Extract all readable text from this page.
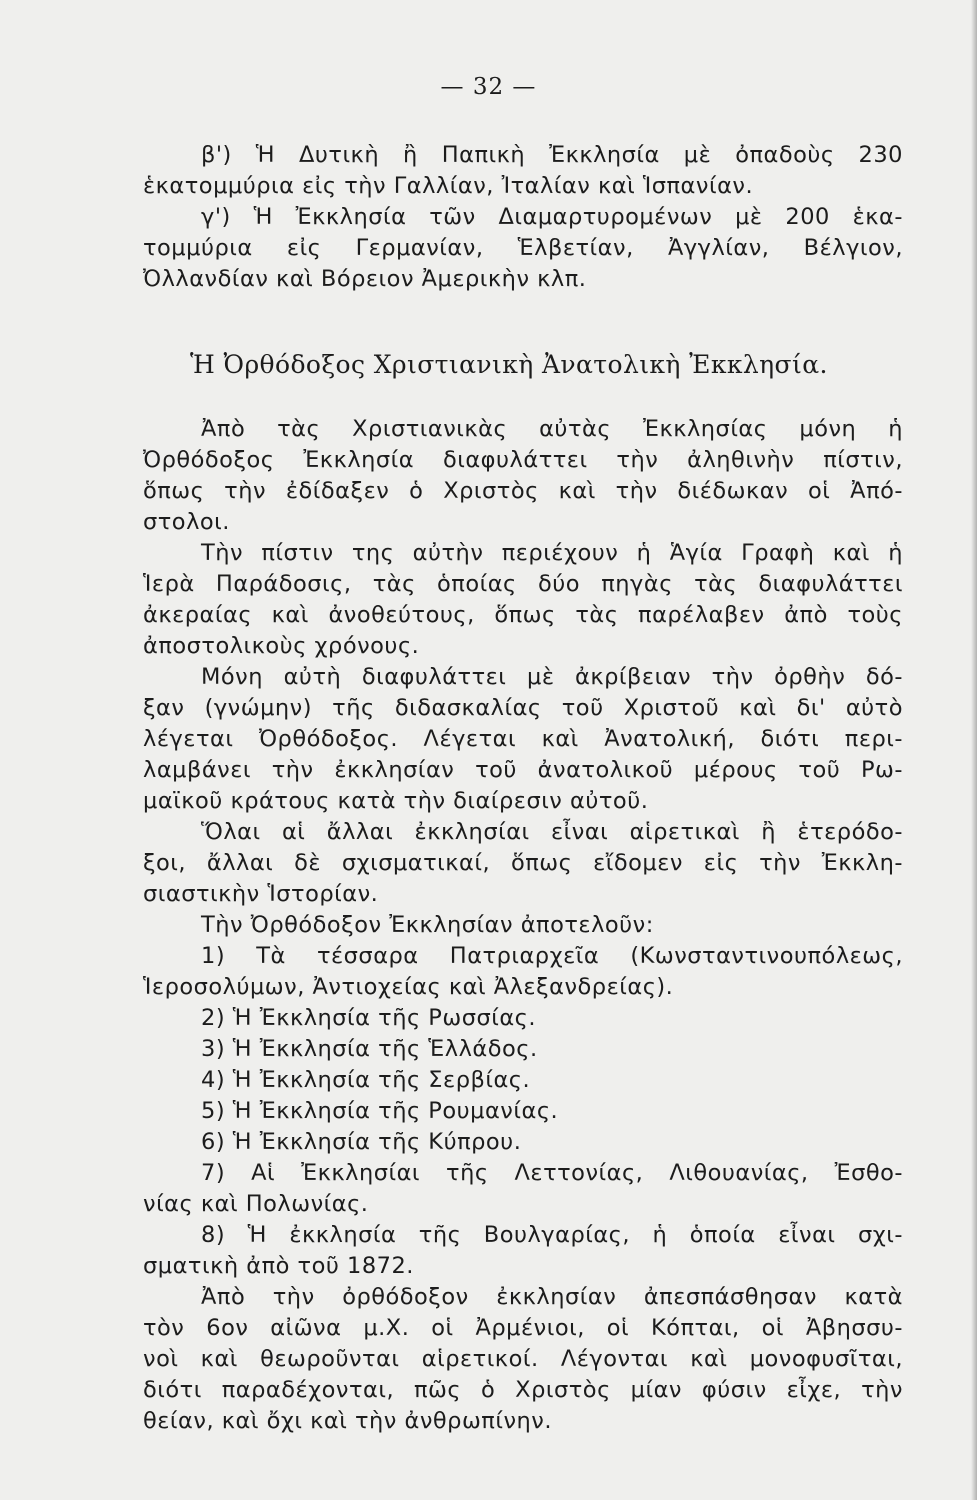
— 32 —
β') Ἡ Δυτικὴ ἢ Παπικὴ Ἐκκλησία μὲ ὀπαδοὺς 230
ἑκατομμύρια εἰς τὴν Γαλλίαν, Ἰταλίαν καὶ Ἱσπανίαν.
γ') Ἡ Ἐκκλησία τῶν Διαμαρτυρομένων μὲ 200 ἑκα-
τομμύρια εἰς Γερμανίαν, Ἑλβετίαν, Ἀγγλίαν, Βέλγιον,
Ὀλλανδίαν καὶ Βόρειον Ἀμερικὴν κλπ.
Ἡ Ὀρθόδοξος Χριστιανικὴ Ἀνατολικὴ Ἐκκλησία.
Ἀπὸ τὰς Χριστιανικὰς αὐτὰς Ἐκκλησίας μόνη ἡ
Ὀρθόδοξος Ἐκκλησία διαφυλάττει τὴν ἀληθινὴν πίστιν,
ὅπως τὴν ἐδίδαξεν ὁ Χριστὸς καὶ τὴν διέδωκαν οἱ Ἀπό-
στολοι.
Τὴν πίστιν της αὐτὴν περιέχουν ἡ Ἁγία Γραφὴ καὶ ἡ
Ἱερὰ Παράδοσις, τὰς ὁποίας δύο πηγὰς τὰς διαφυλάττει
ἀκεραίας καὶ ἀνοθεύτους, ὅπως τὰς παρέλαβεν ἀπὸ τοὺς
ἀποστολικοὺς χρόνους.
Μόνη αὐτὴ διαφυλάττει μὲ ἀκρίβειαν τὴν ὀρθὴν δό-
ξαν (γνώμην) τῆς διδασκαλίας τοῦ Χριστοῦ καὶ δι' αὐτὸ
λέγεται Ὀρθόδοξος. Λέγεται καὶ Ἀνατολική, διότι περι-
λαμβάνει τὴν ἐκκλησίαν τοῦ ἀνατολικοῦ μέρους τοῦ Ρω-
μαϊκοῦ κράτους κατὰ τὴν διαίρεσιν αὐτοῦ.
Ὅλαι αἱ ἄλλαι ἐκκλησίαι εἶναι αἱρετικαὶ ἢ ἑτερόδο-
ξοι, ἄλλαι δὲ σχισματικαί, ὅπως εἴδομεν εἰς τὴν Ἐκκλη-
σιαστικὴν Ἱστορίαν.
Τὴν Ὀρθόδοξον Ἐκκλησίαν ἀποτελοῦν:
1) Τὰ τέσσαρα Πατριαρχεῖα (Κωνσταντινουπόλεως,
Ἱεροσολύμων, Ἀντιοχείας καὶ Ἀλεξανδρείας).
2) Ἡ Ἐκκλησία τῆς Ρωσσίας.
3) Ἡ Ἐκκλησία τῆς Ἑλλάδος.
4) Ἡ Ἐκκλησία τῆς Σερβίας.
5) Ἡ Ἐκκλησία τῆς Ρουμανίας.
6) Ἡ Ἐκκλησία τῆς Κύπρου.
7) Αἱ Ἐκκλησίαι τῆς Λεττονίας, Λιθουανίας, Ἐσθο-
νίας καὶ Πολωνίας.
8) Ἡ ἐκκλησία τῆς Βουλγαρίας, ἡ ὁποία εἶναι σχι-
σματικὴ ἀπὸ τοῦ 1872.
Ἀπὸ τὴν ὀρθόδοξον ἐκκλησίαν ἀπεσπάσθησαν κατὰ
τὸν 6ον αἰῶνα μ.Χ. οἱ Ἀρμένιοι, οἱ Κόπται, οἱ Ἀβησσυ-
νοὶ καὶ θεωροῦνται αἱρετικοί. Λέγονται καὶ μονοφυσῖται,
διότι παραδέχονται, πῶς ὁ Χριστὸς μίαν φύσιν εἶχε, τὴν
θείαν, καὶ ὄχι καὶ τὴν ἀνθρωπίνην.
